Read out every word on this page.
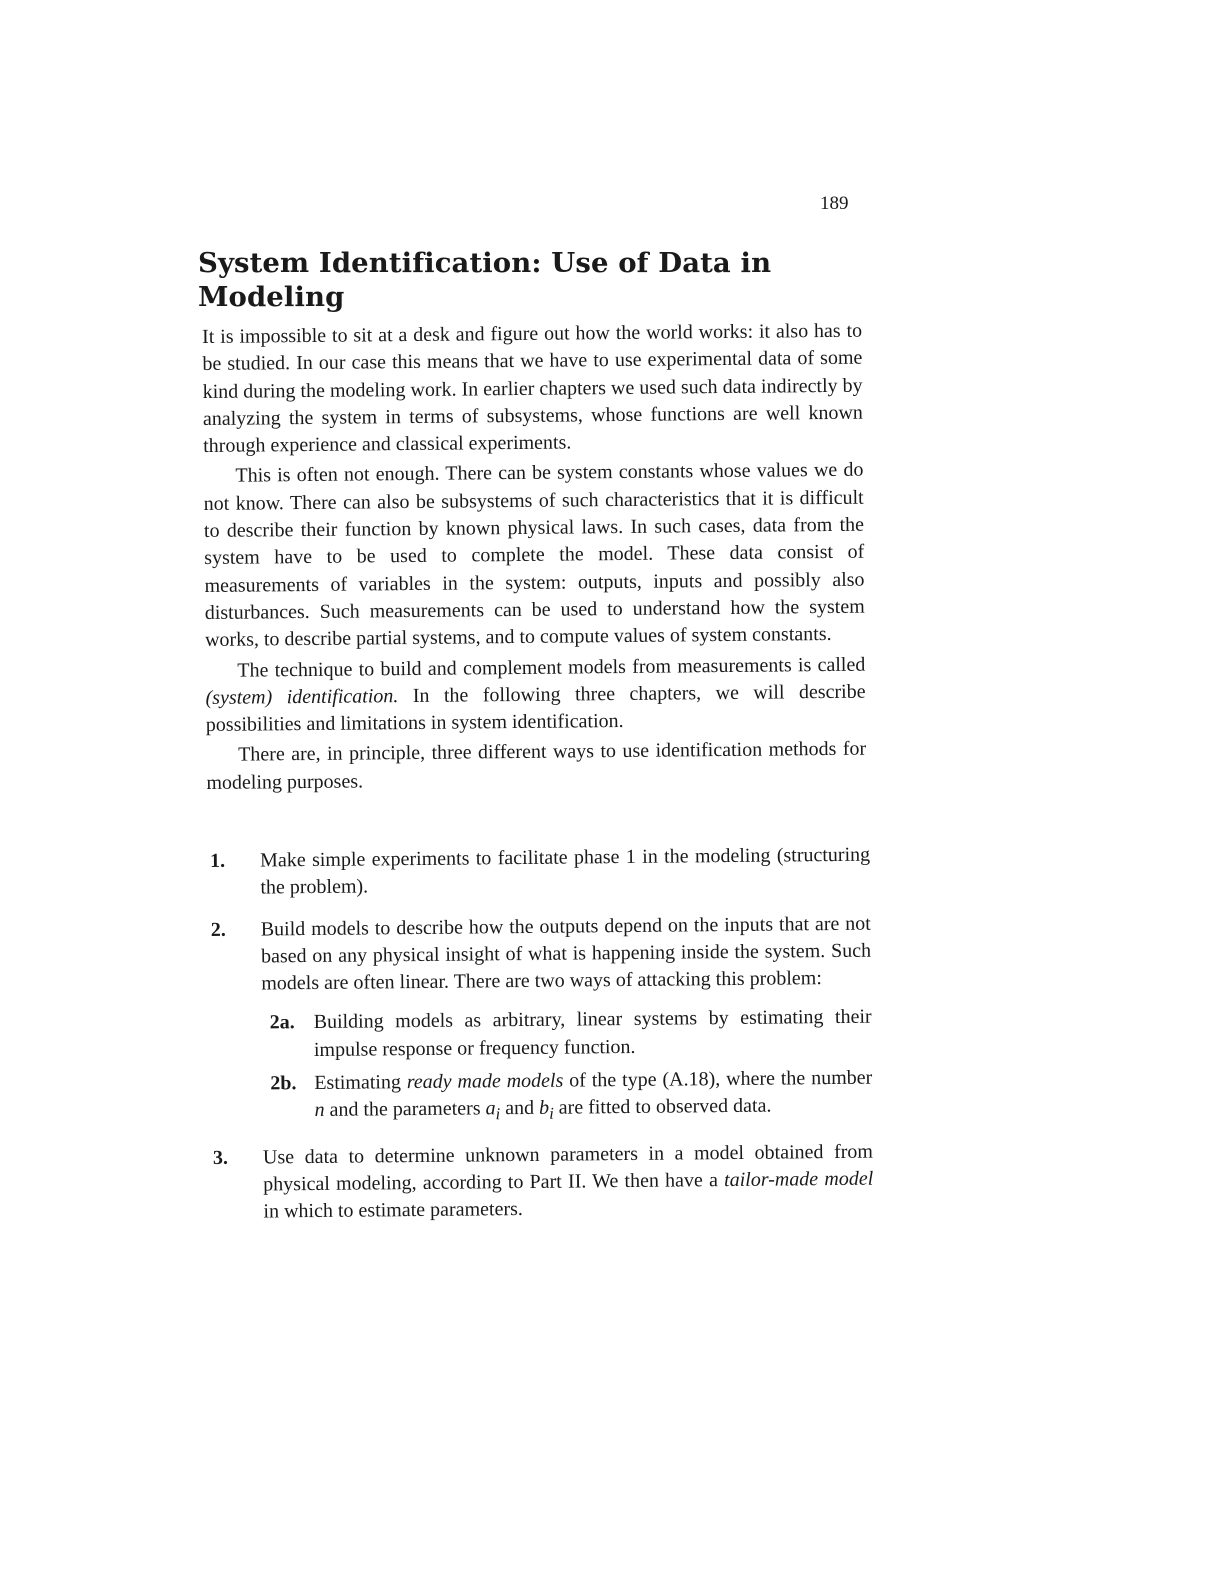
189
System Identification: Use of Data in Modeling

It is impossible to sit at a desk and figure out how the world works: it also has to be studied. In our case this means that we have to use experimental data of some kind during the modeling work. In earlier chapters we used such data indirectly by analyzing the system in terms of subsystems, whose functions are well known through experience and classical experiments.

This is often not enough. There can be system constants whose values we do not know. There can also be subsystems of such characteristics that it is difficult to describe their function by known physical laws. In such cases, data from the system have to be used to complete the model. These data consist of measurements of variables in the system: outputs, inputs and possibly also disturbances. Such measurements can be used to understand how the system works, to describe partial systems, and to compute values of system constants.

The technique to build and complement models from measurements is called (system) identification. In the following three chapters, we will describe possibilities and limitations in system identification.

There are, in principle, three different ways to use identification methods for modeling purposes.

1. Make simple experiments to facilitate phase 1 in the modeling (structuring the problem).
2. Build models to describe how the outputs depend on the inputs that are not based on any physical insight of what is happening inside the system. Such models are often linear. There are two ways of attacking this problem:
2a. Building models as arbitrary, linear systems by estimating their impulse response or frequency function.
2b. Estimating ready made models of the type (A.18), where the number n and the parameters $a_i$ and $b_i$ are fitted to observed data.
3. Use data to determine unknown parameters in a model obtained from physical modeling, according to Part II. We then have a tailor-made model in which to estimate parameters.
